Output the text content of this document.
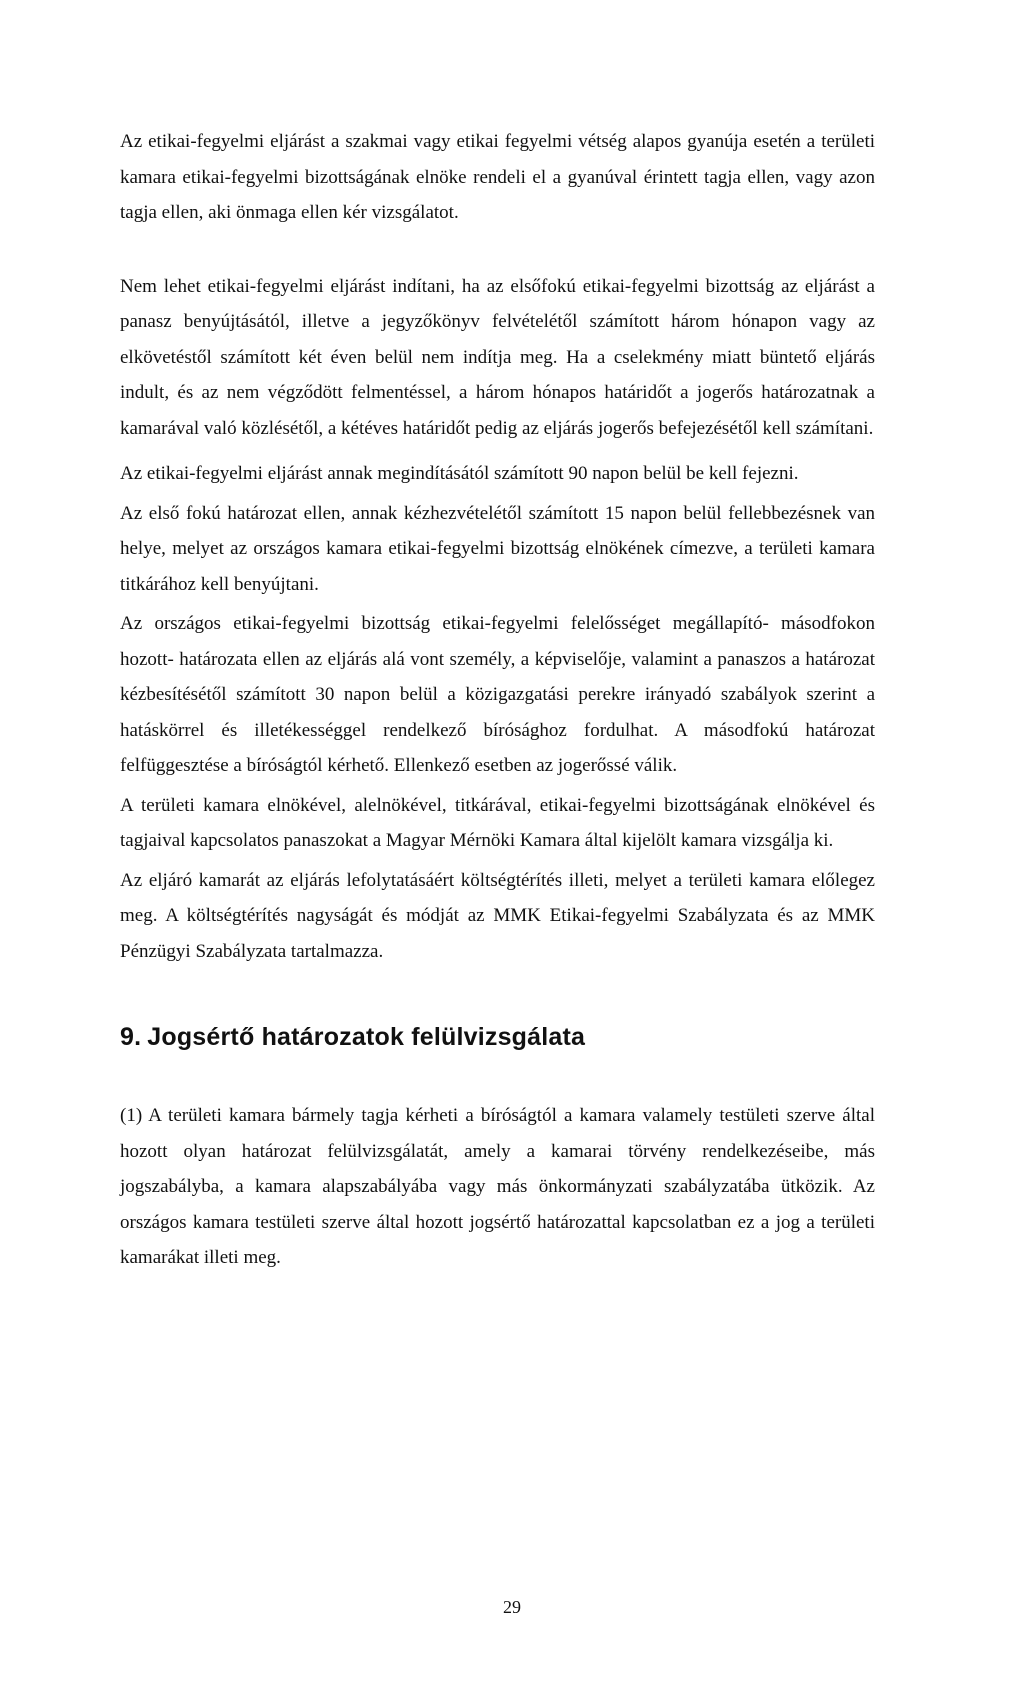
Az etikai-fegyelmi eljárást a szakmai vagy etikai fegyelmi vétség alapos gyanúja esetén a területi kamara etikai-fegyelmi bizottságának elnöke rendeli el a gyanúval érintett tagja ellen, vagy azon tagja ellen, aki önmaga ellen kér vizsgálatot.

Nem lehet etikai-fegyelmi eljárást indítani, ha az elsőfokú etikai-fegyelmi bizottság az eljárást a panasz benyújtásától, illetve a jegyzőkönyv felvételétől számított három hónapon vagy az elkövetéstől számított két éven belül nem indítja meg. Ha a cselekmény miatt büntető eljárás indult, és az nem végződött felmentéssel, a három hónapos határidőt a jogerős határozatnak a kamarával való közlésétől, a kétéves határidőt pedig az eljárás jogerős befejezésétől kell számítani.

Az etikai-fegyelmi eljárást annak megindításától számított 90 napon belül be kell fejezni.

Az első fokú határozat ellen, annak kézhezvételétől számított 15 napon belül fellebbezésnek van helye, melyet az országos kamara etikai-fegyelmi bizottság elnökének címezve, a területi kamara titkárához kell benyújtani.

Az országos etikai-fegyelmi bizottság etikai-fegyelmi felelősséget megállapító- másodfokon hozott- határozata ellen az eljárás alá vont személy, a képviselője, valamint a panaszos a határozat kézbesítésétől számított 30 napon belül a közigazgatási perekre irányadó szabályok szerint a hatáskörrel és illetékességgel rendelkező bírósághoz fordulhat. A másodfokú határozat felfüggesztése a bíróságtól kérhető. Ellenkező esetben az jogerőssé válik.

A területi kamara elnökével, alelnökével, titkárával, etikai-fegyelmi bizottságának elnökével és tagjaival kapcsolatos panaszokat a Magyar Mérnöki Kamara által kijelölt kamara vizsgálja ki.

Az eljáró kamarát az eljárás lefolytatásáért költségtérítés illeti, melyet a területi kamara előlegez meg. A költségtérítés nagyságát és módját az MMK Etikai-fegyelmi Szabályzata és az MMK Pénzügyi Szabályzata tartalmazza.

9. Jogsértő határozatok felülvizsgálata

(1) A területi kamara bármely tagja kérheti a bíróságtól a kamara valamely testületi szerve által hozott olyan határozat felülvizsgálatát, amely a kamarai törvény rendelkezéseibe, más jogszabályba, a kamara alapszabályába vagy más önkormányzati szabályzatába ütközik. Az országos kamara testületi szerve által hozott jogsértő határozattal kapcsolatban ez a jog a területi kamarákat illeti meg.

29
